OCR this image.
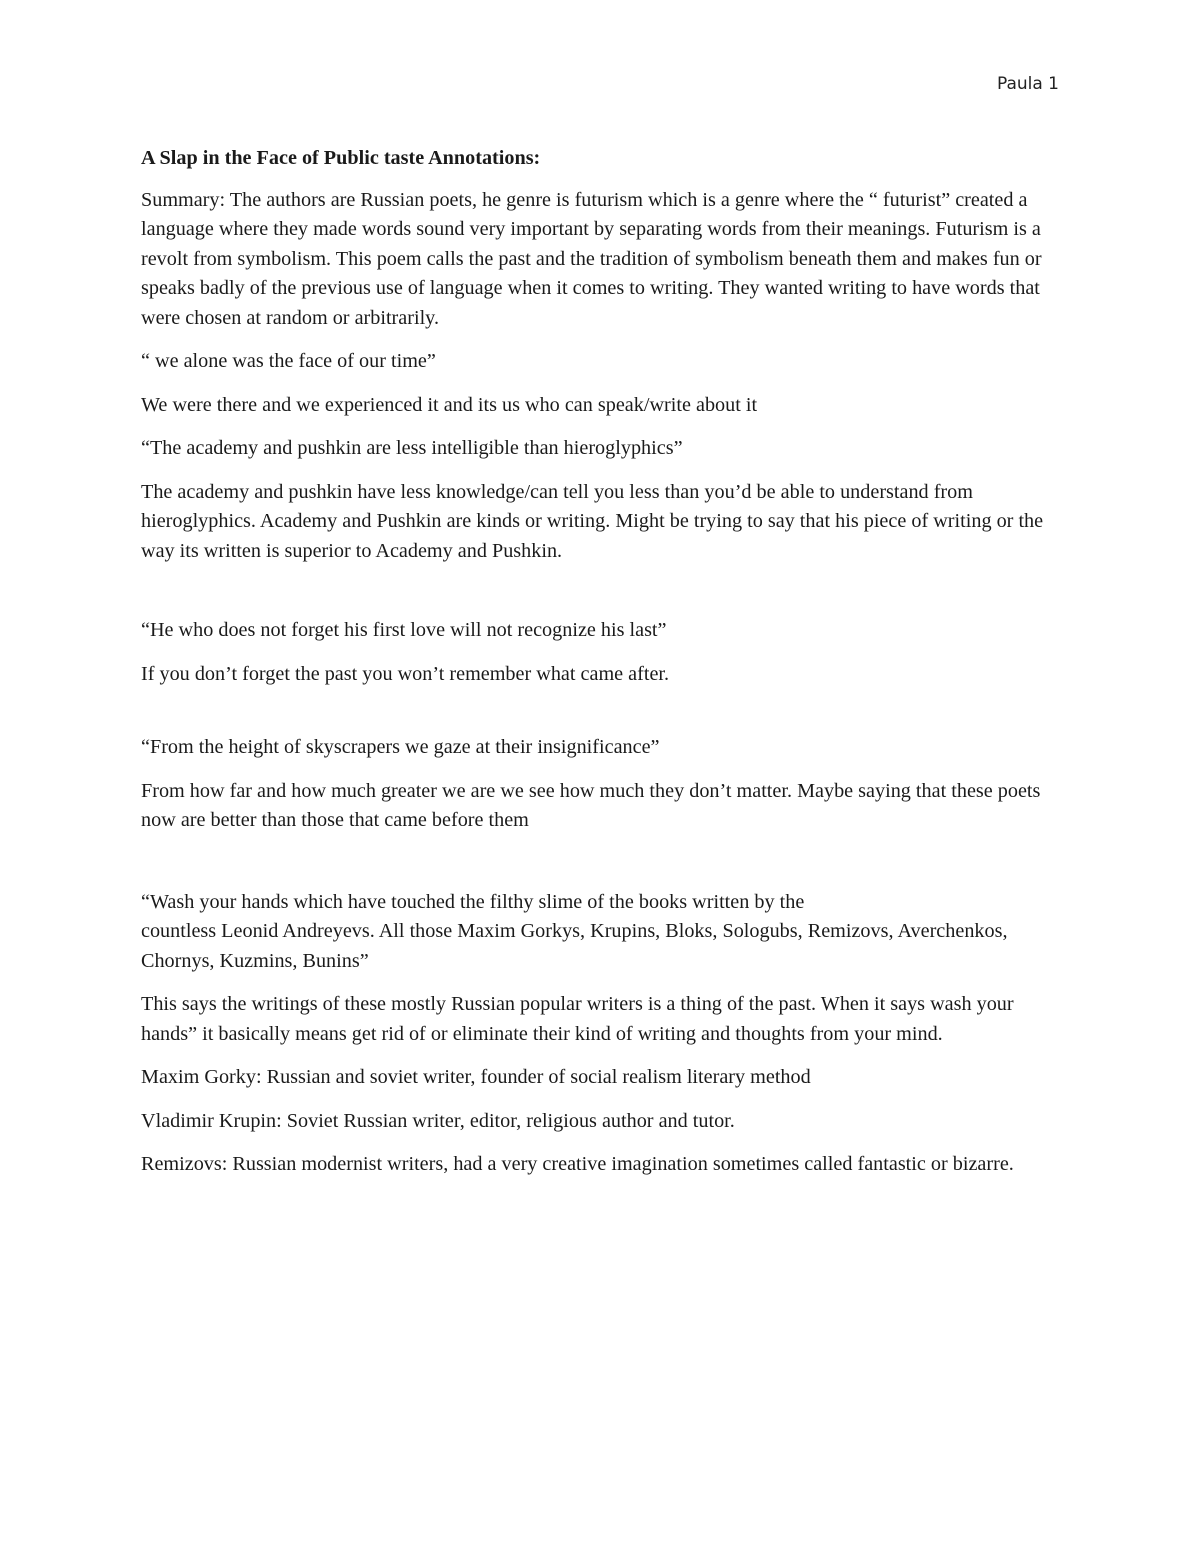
Paula 1

A Slap in the Face of Public taste Annotations:

Summary: The authors are Russian poets, he genre is futurism which is a genre where the “ futurist” created a language where they made words sound very important by separating words from their meanings. Futurism is a revolt from symbolism. This poem calls the past and the tradition of symbolism beneath them and makes fun or speaks badly of the previous use of language when it comes to writing. They wanted writing to have words that were chosen at random or arbitrarily.

“ we alone was the face of our time”

We were there and we experienced it and its us who can speak/write about it

“The academy and pushkin are less intelligible than hieroglyphics”

The academy and pushkin have less knowledge/can tell you less than you’d be able to understand from hieroglyphics. Academy and Pushkin are kinds or writing. Might be trying to say that his piece of writing or the way its written is superior to Academy and Pushkin.

“He who does not forget his first love will not recognize his last”

If you don’t forget the past you won’t remember what came after.

“From the height of skyscrapers we gaze at their insignificance”

From how far and how much greater we are we see how much they don’t matter. Maybe saying that these poets now are better than those that came before them

“Wash your hands which have touched the filthy slime of the books written by the
countless Leonid Andreyevs. All those Maxim Gorkys, Krupins, Bloks, Sologubs, Remizovs, Averchenkos, Chornys, Kuzmins, Bunins”

This says the writings of these mostly Russian popular writers is a thing of the past. When it says wash your hands” it basically means get rid of or eliminate their kind of writing and thoughts from your mind.

Maxim Gorky: Russian and soviet writer, founder of social realism literary method

Vladimir Krupin: Soviet Russian writer, editor, religious author and tutor.

Remizovs: Russian modernist writers, had a very creative imagination sometimes called fantastic or bizarre.
